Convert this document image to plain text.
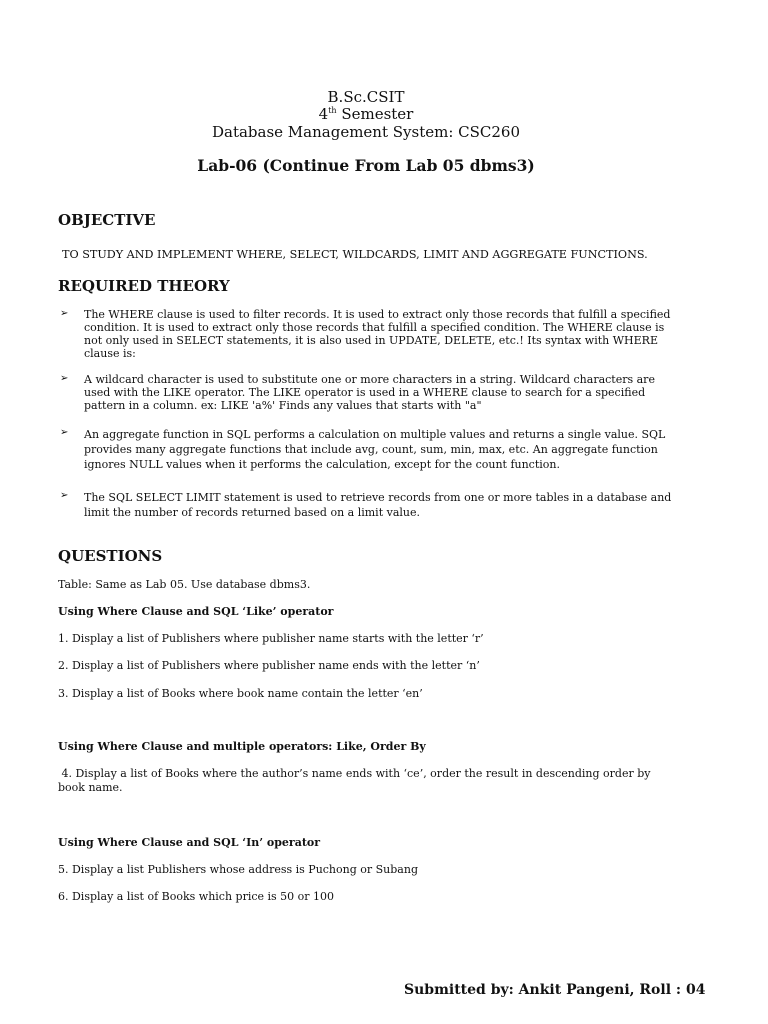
B.Sc.CSIT
4th Semester
Database Management System: CSC260
Lab-06 (Continue From Lab 05 dbms3)
OBJECTIVE
TO STUDY AND IMPLEMENT WHERE, SELECT, WILDCARDS, LIMIT AND AGGREGATE FUNCTIONS.
REQUIRED THEORY
➢ The WHERE clause is used to filter records. It is used to extract only those records that fulfill a specified condition. It is used to extract only those records that fulfill a specified condition. The WHERE clause is not only used in SELECT statements, it is also used in UPDATE, DELETE, etc.! Its syntax with WHERE clause is:
➢ A wildcard character is used to substitute one or more characters in a string. Wildcard characters are used with the LIKE operator. The LIKE operator is used in a WHERE clause to search for a specified pattern in a column. ex: LIKE 'a%' Finds any values that starts with "a"
➢ An aggregate function in SQL performs a calculation on multiple values and returns a single value. SQL provides many aggregate functions that include avg, count, sum, min, max, etc. An aggregate function ignores NULL values when it performs the calculation, except for the count function.
➢ The SQL SELECT LIMIT statement is used to retrieve records from one or more tables in a database and limit the number of records returned based on a limit value.
QUESTIONS
Table: Same as Lab 05. Use database dbms3.
Using Where Clause and SQL ‘Like’ operator
1. Display a list of Publishers where publisher name starts with the letter ‘r’
2. Display a list of Publishers where publisher name ends with the letter ‘n’
3. Display a list of Books where book name contain the letter ‘en’
Using Where Clause and multiple operators: Like, Order By
4. Display a list of Books where the author’s name ends with ‘ce’, order the result in descending order by book name.
Using Where Clause and SQL ‘In’ operator
5. Display a list Publishers whose address is Puchong or Subang
6. Display a list of Books which price is 50 or 100
Submitted by: Ankit Pangeni, Roll : 04
